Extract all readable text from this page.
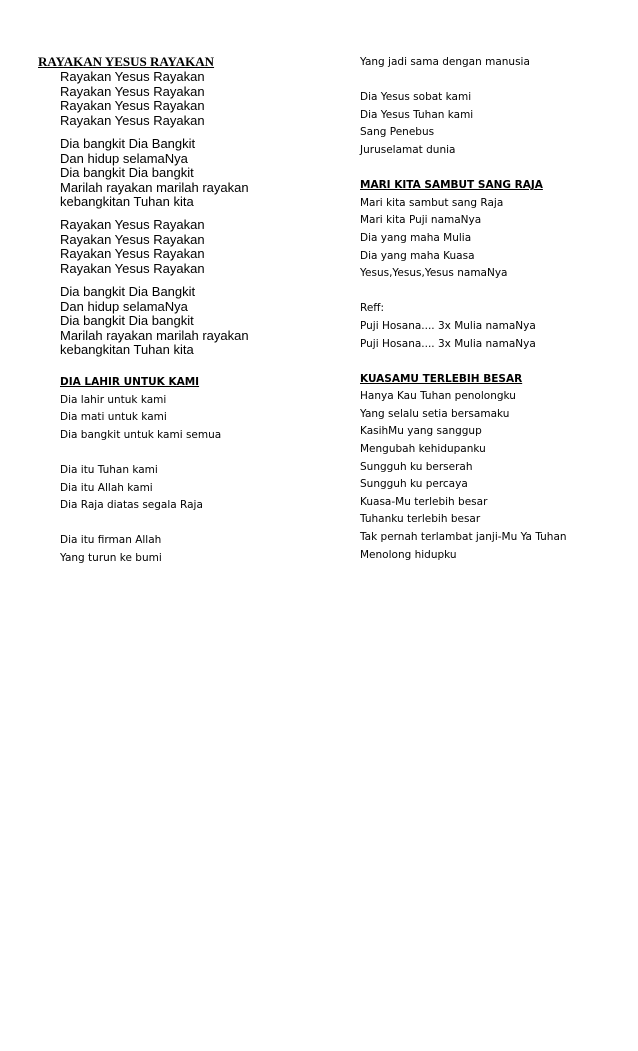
RAYAKAN YESUS RAYAKAN
Rayakan Yesus Rayakan
Rayakan Yesus Rayakan
Rayakan Yesus Rayakan
Rayakan Yesus Rayakan
Dia bangkit Dia Bangkit
Dan hidup selamaNya
Dia bangkit Dia bangkit
Marilah rayakan marilah rayakan
kebangkitan Tuhan kita
Rayakan Yesus Rayakan
Rayakan Yesus Rayakan
Rayakan Yesus Rayakan
Rayakan Yesus Rayakan
Dia bangkit Dia Bangkit
Dan hidup selamaNya
Dia bangkit Dia bangkit
Marilah rayakan marilah rayakan
kebangkitan Tuhan kita
DIA LAHIR UNTUK KAMI
Dia lahir untuk kami
Dia mati untuk kami
Dia bangkit untuk kami semua
Dia itu Tuhan kami
Dia itu Allah kami
Dia Raja diatas segala Raja
Dia itu firman Allah
Yang turun ke bumi
Yang jadi sama dengan manusia
Dia Yesus sobat kami
Dia Yesus Tuhan kami
Sang Penebus
Juruselamat dunia
MARI KITA SAMBUT SANG RAJA
Mari kita sambut sang Raja
Mari kita Puji namaNya
Dia yang maha Mulia
Dia yang maha Kuasa
Yesus,Yesus,Yesus namaNya
Reff:
Puji Hosana.... 3x Mulia namaNya
Puji Hosana.... 3x Mulia namaNya
KUASAMU TERLEBIH BESAR
Hanya Kau Tuhan penolongku
Yang selalu setia bersamaku
KasihMu yang sanggup
Mengubah kehidupanku
Sungguh ku berserah
Sungguh ku percaya
Kuasa-Mu terlebih besar
Tuhanku terlebih besar
Tak pernah terlambat janji-Mu Ya Tuhan
Menolong hidupku
